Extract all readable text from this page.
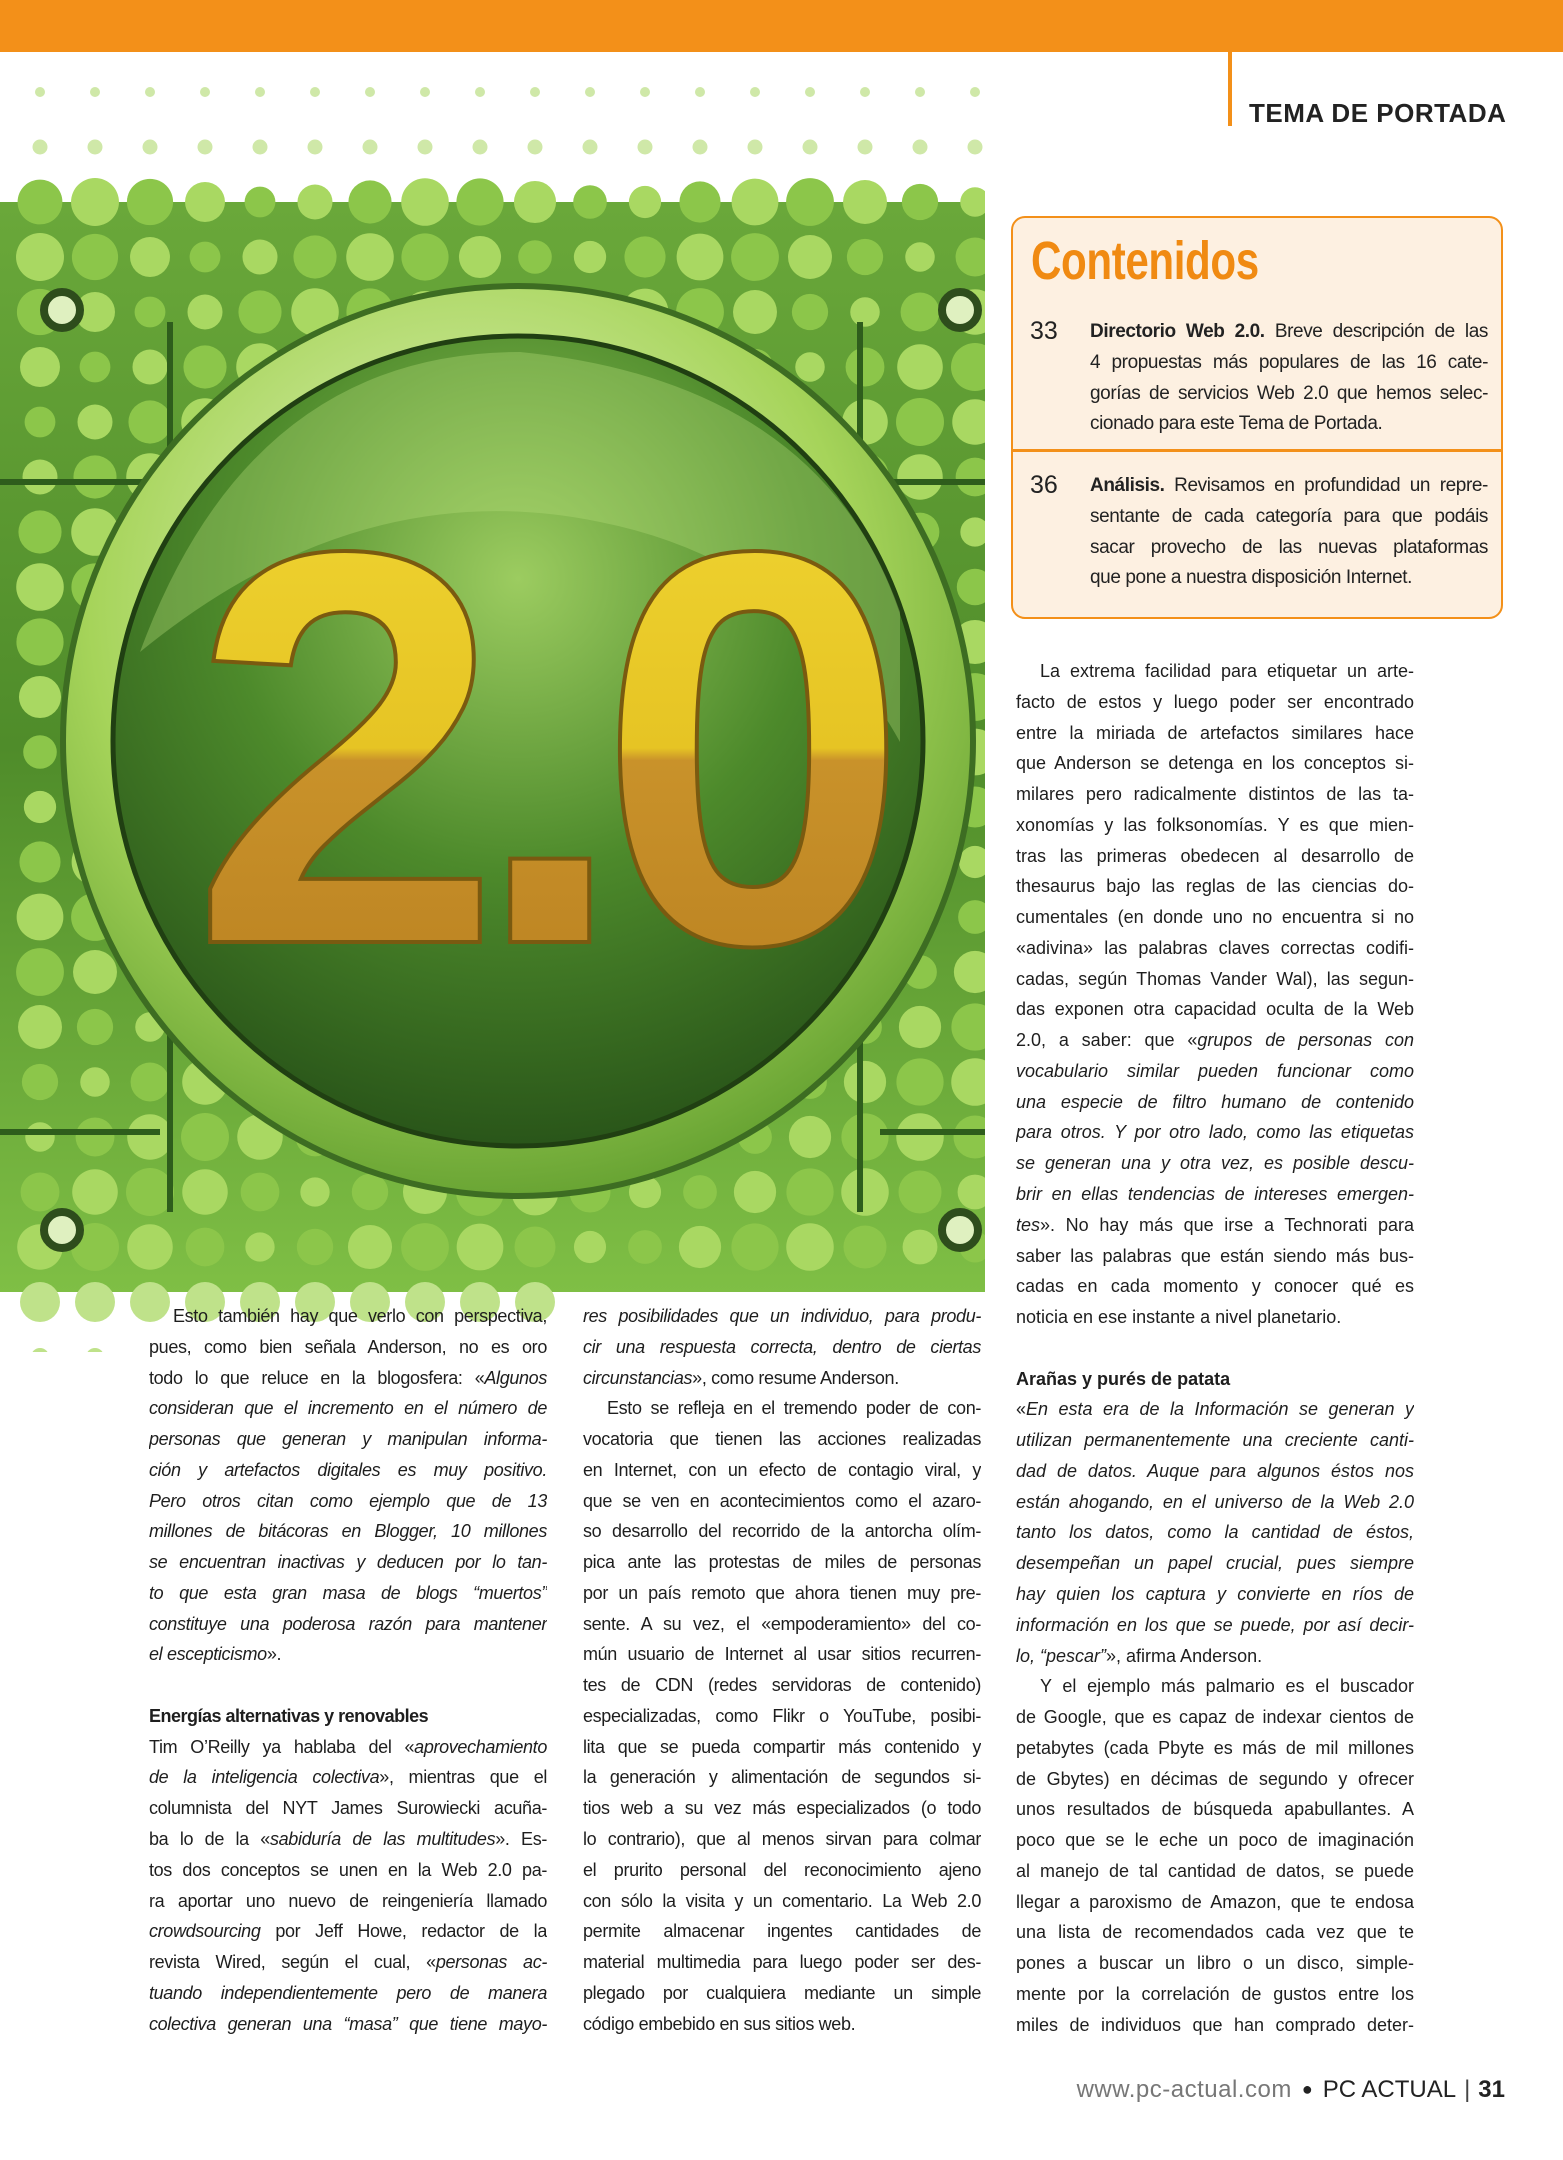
TEMA DE PORTADA
2.0
Contenidos
33 Directorio Web 2.0. Breve descripción de las
4 propuestas más populares de las 16 cate-
gorías de servicios Web 2.0 que hemos selec-
cionado para este Tema de Portada.
36 Análisis. Revisamos en profundidad un repre-
sentante de cada categoría para que podáis
sacar provecho de las nuevas plataformas
que pone a nuestra disposición Internet.
Esto también hay que verlo con perspectiva,
pues, como bien señala Anderson, no es oro
todo lo que reluce en la blogosfera: «Algunos
consideran que el incremento en el número de
personas que generan y manipulan informa-
ción y artefactos digitales es muy positivo.
Pero otros citan como ejemplo que de 13
millones de bitácoras en Blogger, 10 millones
se encuentran inactivas y deducen por lo tan-
to que esta gran masa de blogs “muertos”
constituye una poderosa razón para mantener
el escepticismo».
Energías alternativas y renovables
Tim O’Reilly ya hablaba del «aprovechamiento
de la inteligencia colectiva», mientras que el
columnista del NYT James Surowiecki acuña-
ba lo de la «sabiduría de las multitudes». Es-
tos dos conceptos se unen en la Web 2.0 pa-
ra aportar uno nuevo de reingeniería llamado
crowdsourcing por Jeff Howe, redactor de la
revista Wired, según el cual, «personas ac-
tuando independientemente pero de manera
colectiva generan una “masa” que tiene mayo-
res posibilidades que un individuo, para produ-
cir una respuesta correcta, dentro de ciertas
circunstancias», como resume Anderson.
Esto se refleja en el tremendo poder de con-
vocatoria que tienen las acciones realizadas
en Internet, con un efecto de contagio viral, y
que se ven en acontecimientos como el azaro-
so desarrollo del recorrido de la antorcha olím-
pica ante las protestas de miles de personas
por un país remoto que ahora tienen muy pre-
sente. A su vez, el «empoderamiento» del co-
mún usuario de Internet al usar sitios recurren-
tes de CDN (redes servidoras de contenido)
especializadas, como Flikr o YouTube, posibi-
lita que se pueda compartir más contenido y
la generación y alimentación de segundos si-
tios web a su vez más especializados (o todo
lo contrario), que al menos sirvan para colmar
el prurito personal del reconocimiento ajeno
con sólo la visita y un comentario. La Web 2.0
permite almacenar ingentes cantidades de
material multimedia para luego poder ser des-
plegado por cualquiera mediante un simple
código embebido en sus sitios web.
La extrema facilidad para etiquetar un arte-
facto de estos y luego poder ser encontrado
entre la miriada de artefactos similares hace
que Anderson se detenga en los conceptos si-
milares pero radicalmente distintos de las ta-
xonomías y las folksonomías. Y es que mien-
tras las primeras obedecen al desarrollo de
thesaurus bajo las reglas de las ciencias do-
cumentales (en donde uno no encuentra si no
«adivina» las palabras claves correctas codifi-
cadas, según Thomas Vander Wal), las segun-
das exponen otra capacidad oculta de la Web
2.0, a saber: que «grupos de personas con
vocabulario similar pueden funcionar como
una especie de filtro humano de contenido
para otros. Y por otro lado, como las etiquetas
se generan una y otra vez, es posible descu-
brir en ellas tendencias de intereses emergen-
tes». No hay más que irse a Technorati para
saber las palabras que están siendo más bus-
cadas en cada momento y conocer qué es
noticia en ese instante a nivel planetario.
Arañas y purés de patata
«En esta era de la Información se generan y
utilizan permanentemente una creciente canti-
dad de datos. Auque para algunos éstos nos
están ahogando, en el universo de la Web 2.0
tanto los datos, como la cantidad de éstos,
desempeñan un papel crucial, pues siempre
hay quien los captura y convierte en ríos de
información en los que se puede, por así decir-
lo, “pescar”», afirma Anderson.
Y el ejemplo más palmario es el buscador
de Google, que es capaz de indexar cientos de
petabytes (cada Pbyte es más de mil millones
de Gbytes) en décimas de segundo y ofrecer
unos resultados de búsqueda apabullantes. A
poco que se le eche un poco de imaginación
al manejo de tal cantidad de datos, se puede
llegar a paroxismo de Amazon, que te endosa
una lista de recomendados cada vez que te
pones a buscar un libro o un disco, simple-
mente por la correlación de gustos entre los
miles de individuos que han comprado deter-
www.pc-actual.com ● PC ACTUAL | 31
